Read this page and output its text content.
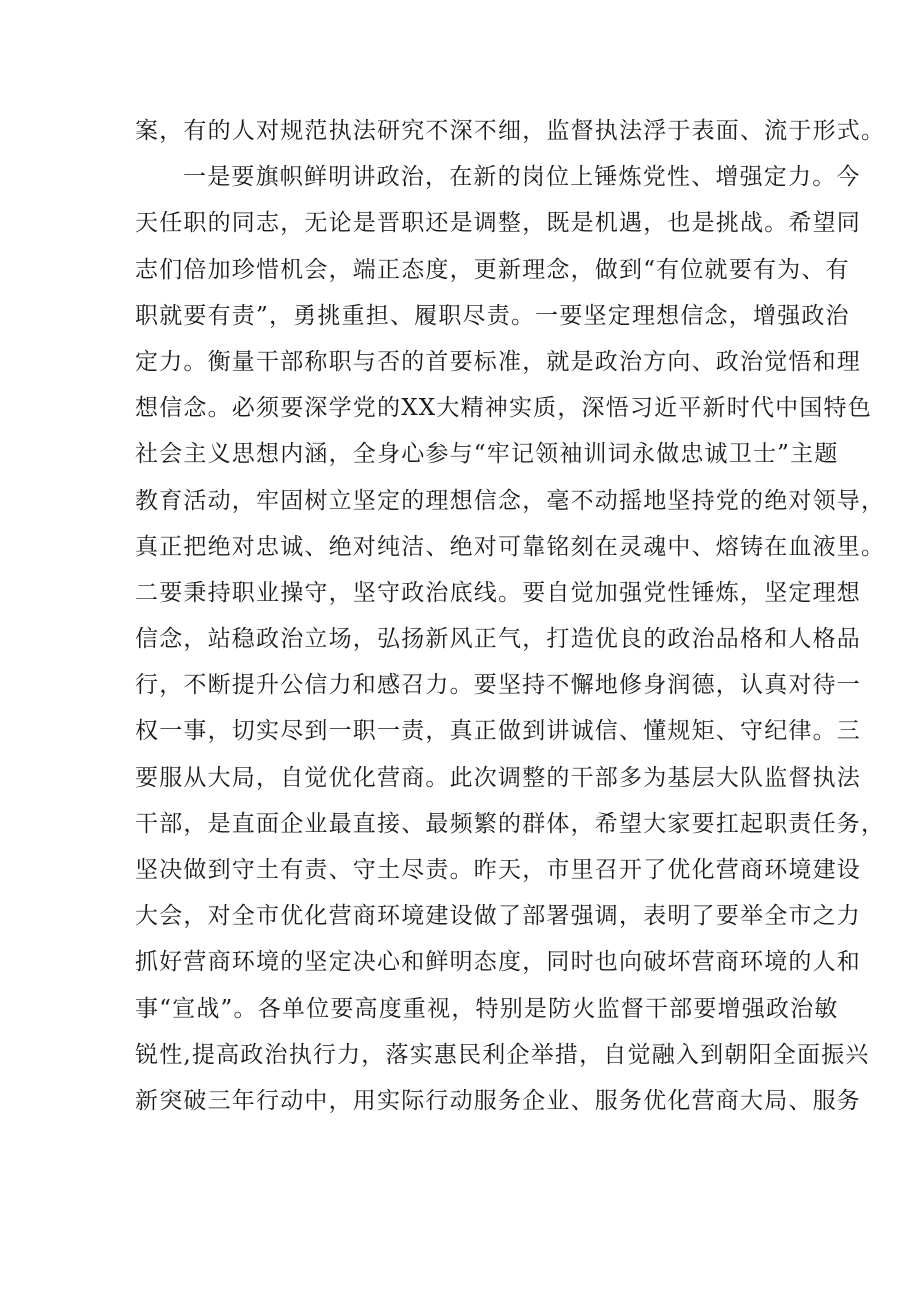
案，有的人对规范执法研究不深不细，监督执法浮于表面、流于形式。
一是要旗帜鲜明讲政治，在新的岗位上锤炼党性、增强定力。今
天任职的同志，无论是晋职还是调整，既是机遇，也是挑战。希望同
志们倍加珍惜机会，端正态度，更新理念，做到“有位就要有为、有
职就要有责”，勇挑重担、履职尽责。一要坚定理想信念，增强政治
定力。衡量干部称职与否的首要标准，就是政治方向、政治觉悟和理
想信念。必须要深学党的XX大精神实质，深悟习近平新时代中国特色
社会主义思想内涵，全身心参与“牢记领袖训词永做忠诚卫士”主题
教育活动，牢固树立坚定的理想信念，毫不动摇地坚持党的绝对领导，
真正把绝对忠诚、绝对纯洁、绝对可靠铭刻在灵魂中、熔铸在血液里。
二要秉持职业操守，坚守政治底线。要自觉加强党性锤炼，坚定理想
信念，站稳政治立场，弘扬新风正气，打造优良的政治品格和人格品
行，不断提升公信力和感召力。要坚持不懈地修身润德，认真对待一
权一事，切实尽到一职一责，真正做到讲诚信、懂规矩、守纪律。三
要服从大局，自觉优化营商。此次调整的干部多为基层大队监督执法
干部，是直面企业最直接、最频繁的群体，希望大家要扛起职责任务，
坚决做到守土有责、守土尽责。昨天，市里召开了优化营商环境建设
大会，对全市优化营商环境建设做了部署强调，表明了要举全市之力
抓好营商环境的坚定决心和鲜明态度，同时也向破坏营商环境的人和
事“宣战”。各单位要高度重视，特别是防火监督干部要增强政治敏
锐性,提高政治执行力，落实惠民利企举措，自觉融入到朝阳全面振兴
新突破三年行动中，用实际行动服务企业、服务优化营商大局、服务
